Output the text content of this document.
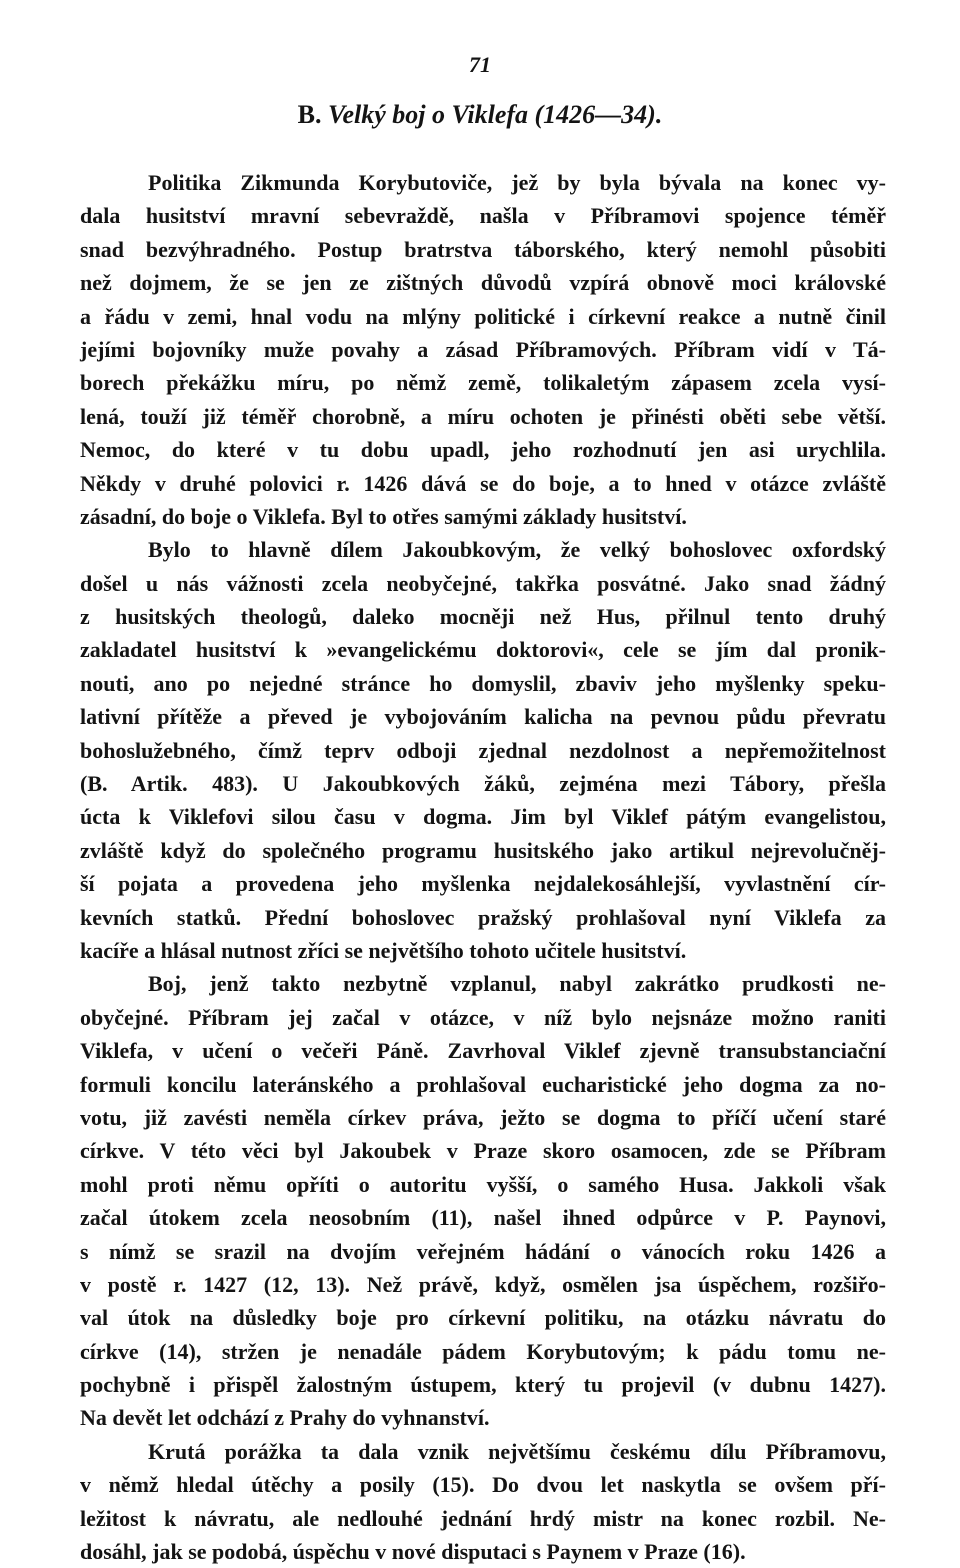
71
B. Velký boj o Viklefa (1426—34).
Politika Zikmunda Korybutoviče, jež by byla bývala na konec vy-
dala husitství mravní sebevraždě, našla v Příbramovi spojence téměř
snad bezvýhradného. Postup bratrstva táborského, který nemohl působiti
než dojmem, že se jen ze zištných důvodů vzpírá obnově moci královské
a řádu v zemi, hnal vodu na mlýny politické i církevní reakce a nutně činil
jejími bojovníky muže povahy a zásad Příbramových. Příbram vidí v Tá-
borech překážku míru, po němž země, tolikaletým zápasem zcela vysí-
lená, touží již téměř chorobně, a míru ochoten je přinésti oběti sebe větší.
Nemoc, do které v tu dobu upadl, jeho rozhodnutí jen asi urychlila.
Někdy v druhé polovici r. 1426 dává se do boje, a to hned v otázce zvláště
zásadní, do boje o Viklefa. Byl to otřes samými základy husitství.
Bylo to hlavně dílem Jakoubkovým, že velký bohoslovec oxfordský
došel u nás vážnosti zcela neobyčejné, takřka posvátné. Jako snad žádný
z husitských theologů, daleko mocněji než Hus, přilnul tento druhý
zakladatel husitství k »evangelickému doktorovi«, cele se jím dal pronik-
nouti, ano po nejedné stránce ho domyslil, zbaviv jeho myšlenky speku-
lativní přítěže a převed je vybojováním kalicha na pevnou půdu převratu
bohoslužebného, čímž teprv odboji zjednal nezdolnost a nepřemožitelnost
(B. Artik. 483). U Jakoubkových žáků, zejména mezi Tábory, přešla
úcta k Viklefovi silou času v dogma. Jim byl Viklef pátým evangelistou,
zvláště když do společného programu husitského jako artikul nejrevolučněj-
ší pojata a provedena jeho myšlenka nejdalekosáhlejší, vyvlastnění cír-
kevních statků. Přední bohoslovec pražský prohlašoval nyní Viklefa za
kacíře a hlásal nutnost zříci se největšího tohoto učitele husitství.
Boj, jenž takto nezbytně vzplanul, nabyl zakrátko prudkosti ne-
obyčejné. Příbram jej začal v otázce, v níž bylo nejsnáze možno raniti
Viklefa, v učení o večeři Páně. Zavrhoval Viklef zjevně transubstanciační
formuli koncilu lateránského a prohlašoval eucharistické jeho dogma za no-
votu, již zavésti neměla církev práva, ježto se dogma to příčí učení staré
církve. V této věci byl Jakoubek v Praze skoro osamocen, zde se Příbram
mohl proti němu opříti o autoritu vyšší, o samého Husa. Jakkoli však
začal útokem zcela neosobním (11), našel ihned odpůrce v P. Paynovi,
s nímž se srazil na dvojím veřejném hádání o vánocích roku 1426 a
v postě r. 1427 (12, 13). Než právě, když, osmělen jsa úspěchem, rozšiřo-
val útok na důsledky boje pro církevní politiku, na otázku návratu do
církve (14), stržen je nenadále pádem Korybutovým; k pádu tomu ne-
pochybně i přispěl žalostným ústupem, který tu projevil (v dubnu 1427).
Na devět let odchází z Prahy do vyhnanství.
Krutá porážka ta dala vznik největšímu českému dílu Příbramovu,
v němž hledal útěchy a posily (15). Do dvou let naskytla se ovšem pří-
ležitost k návratu, ale nedlouhé jednání hrdý mistr na konec rozbil. Ne-
dosáhl, jak se podobá, úspěchu v nové disputaci s Paynem v Praze (16).
